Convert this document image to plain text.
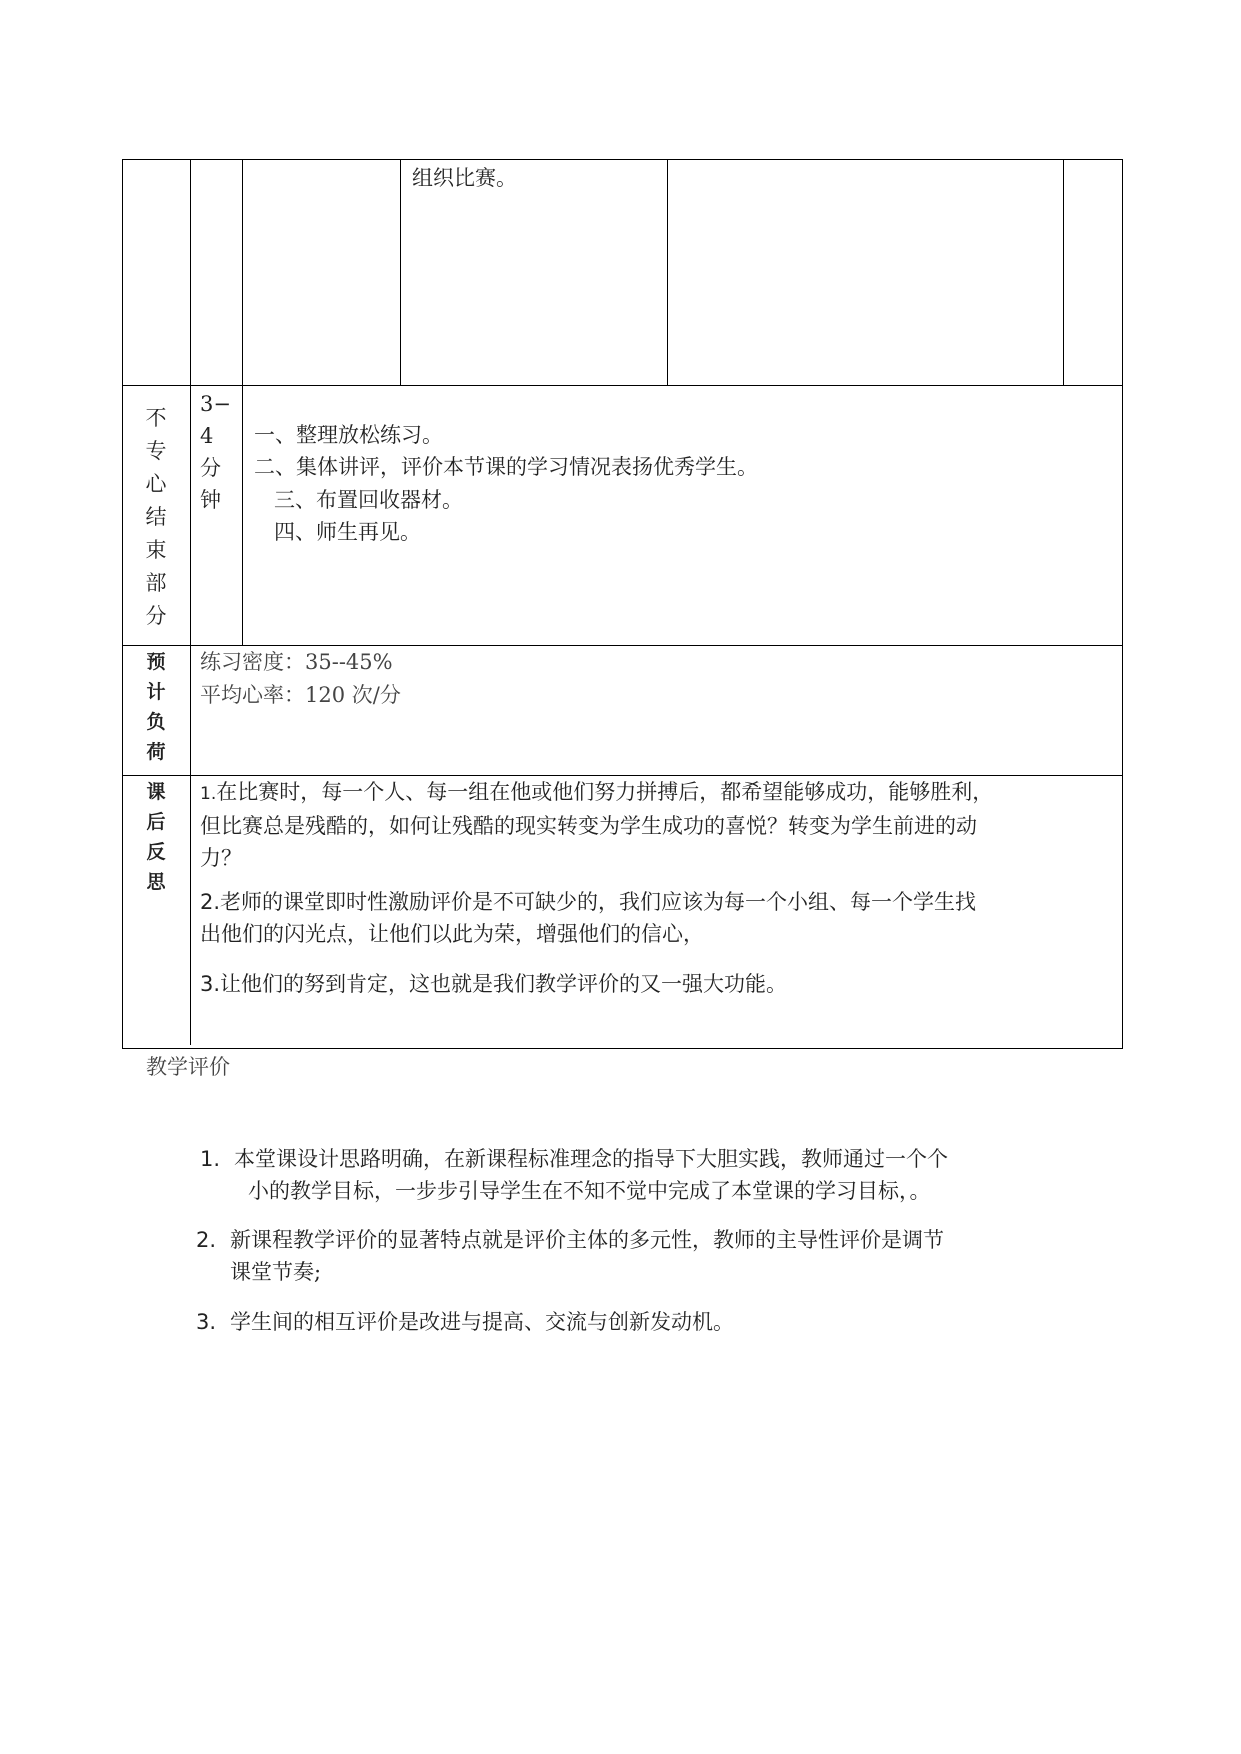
组织比赛。
不
专
心
结
束
部
分
3−
4
分
钟
一、整理放松练习。
二、集体讲评，评价本节课的学习情况表扬优秀学生。
三、布置回收器材。
四、师生再见。
预
计
负
荷
练习密度：35--45%
平均心率：120 次/分
课
后
反
思

1.在比赛时，每一个人、每一组在他或他们努力拼搏后，都希望能够成功，能够胜利，

但比赛总是残酷的，如何让残酷的现实转变为学生成功的喜悦？转变为学生前进的动

力？

2.老师的课堂即时性激励评价是不可缺少的，我们应该为每一个小组、每一个学生找

出他们的闪光点，让他们以此为荣，增强他们的信心，

3.让他们的努到肯定，这也就是我们教学评价的又一强大功能。

教学评价
1. 本堂课设计思路明确，在新课程标准理念的指导下大胆实践，教师通过一个个
小的教学目标，一步步引导学生在不知不觉中完成了本堂课的学习目标，。
2. 新课程教学评价的显著特点就是评价主体的多元性，教师的主导性评价是调节
课堂节奏;
3. 学生间的相互评价是改进与提高、交流与创新发动机。
